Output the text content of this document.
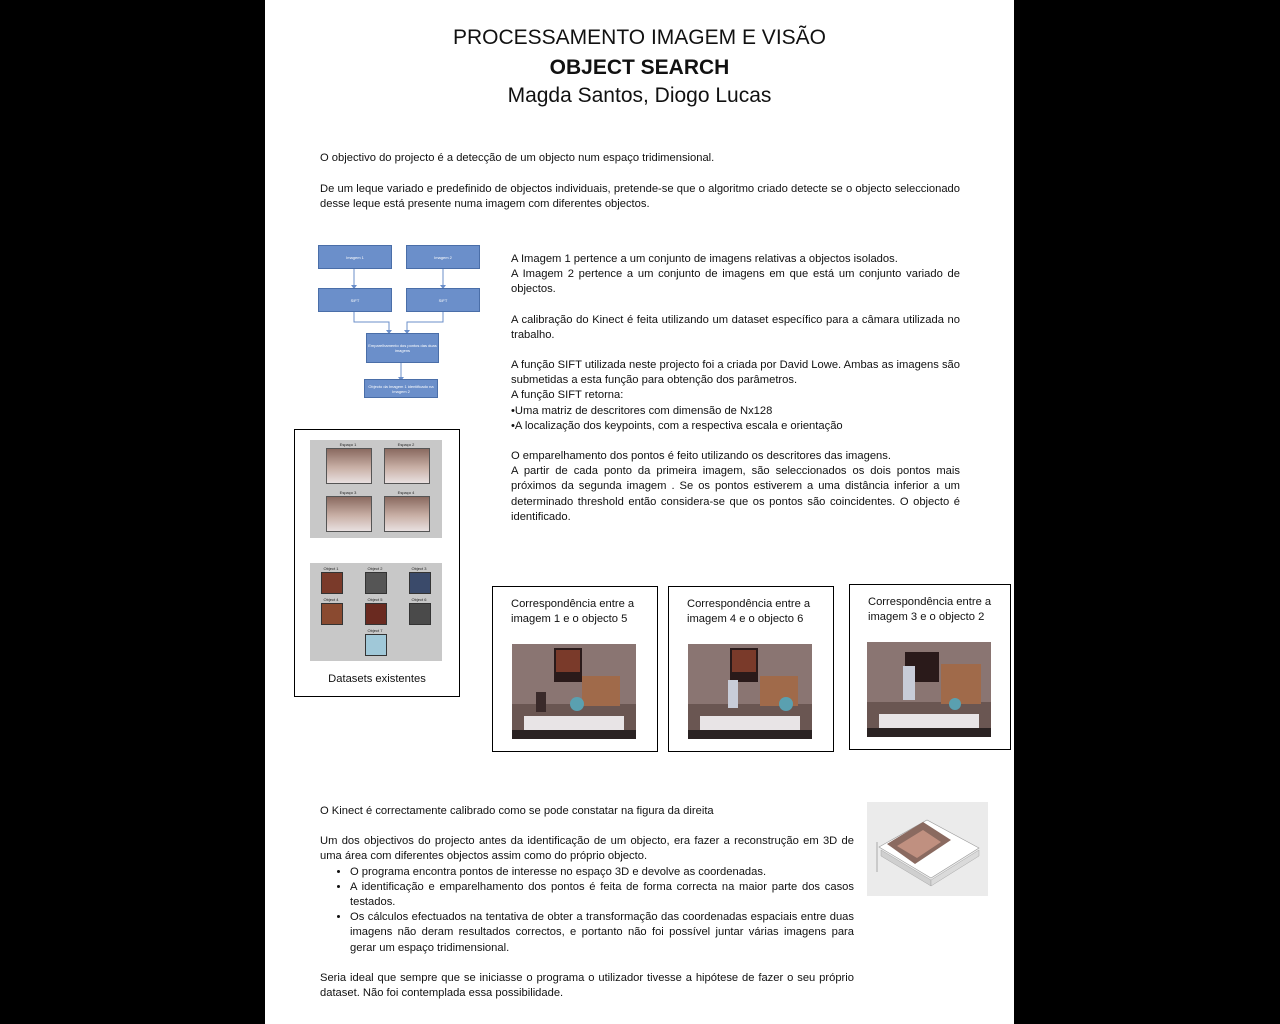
PROCESSAMENTO IMAGEM E VISÃO
OBJECT SEARCH
Magda Santos, Diogo Lucas
O objectivo do projecto é a detecção de um objecto num espaço tridimensional.
De um leque variado e predefinido de objectos individuais, pretende-se que o algoritmo criado detecte se o objecto seleccionado desse leque está presente numa imagem com diferentes objectos.
Imagem 1	Imagem 2
SIFT	SIFT
Emparelhamento dos pontos das duas imagens
Objecto da Imagem 1 identificado na Imagem 2
A Imagem 1 pertence a um conjunto de imagens relativas a objectos isolados.
A Imagem 2 pertence a um conjunto de imagens em que está um conjunto variado de objectos.
A calibração do Kinect é feita utilizando um dataset específico para a câmara utilizada no trabalho.
A função SIFT utilizada neste projecto foi a criada por David Lowe. Ambas as imagens são submetidas a esta função para obtenção dos parâmetros.
A função SIFT retorna:
•Uma matriz de descritores com dimensão de Nx128
•A localização dos keypoints, com a respectiva escala e orientação
O emparelhamento dos pontos é feito utilizando os descritores das imagens.
A partir de cada ponto da primeira imagem, são seleccionados os dois pontos mais próximos da segunda imagem . Se os pontos estiverem a uma distância inferior a um determinado threshold então considera-se que os pontos são coincidentes. O objecto é identificado.
Espaço 1	Espaço 2
Espaço 3	Espaço 4
Object 1	Object 2	Object 3
Object 4	Object 5	Object 6
Object 7
Datasets existentes
Correspondência entre a imagem 1 e o objecto 5
Correspondência entre a imagem 4 e o objecto 6
Correspondência entre a imagem 3 e o objecto 2
O Kinect é correctamente calibrado como se pode constatar na figura da direita
Um dos objectivos do projecto antes da identificação de um objecto, era fazer a reconstrução em 3D de uma área com diferentes objectos assim como do próprio objecto.
• O programa encontra pontos de interesse no espaço 3D e devolve as coordenadas.
• A identificação e emparelhamento dos pontos é feita de forma correcta na maior parte dos casos testados.
• Os cálculos efectuados na tentativa de obter a transformação das coordenadas espaciais entre duas imagens não deram resultados correctos, e portanto não foi possível juntar várias imagens para gerar um espaço tridimensional.
Seria ideal que sempre que se iniciasse o programa o utilizador tivesse a hipótese de fazer o seu próprio dataset. Não foi contemplada essa possibilidade.
